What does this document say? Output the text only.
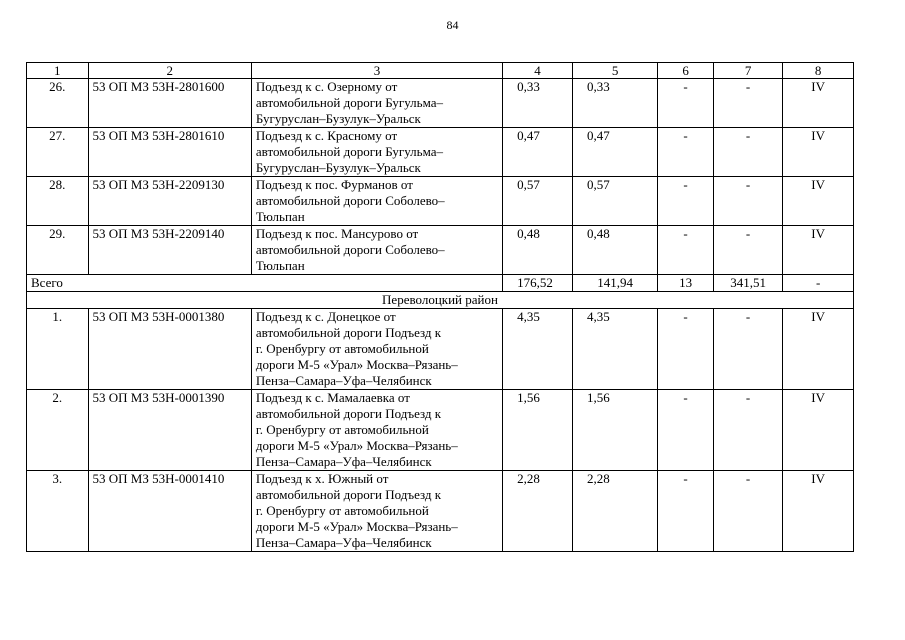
84
1	2	3	4	5	6	7	8
26.	53 ОП МЗ 53Н-2801600	Подъезд к с. Озерному от
автомобильной дороги Бугульма–
Бугуруслан–Бузулук–Уральск	0,33	0,33	-	-	IV
27.	53 ОП МЗ 53Н-2801610	Подъезд к с. Красному от
автомобильной дороги Бугульма–
Бугуруслан–Бузулук–Уральск	0,47	0,47	-	-	IV
28.	53 ОП МЗ 53Н-2209130	Подъезд к пос. Фурманов от
автомобильной дороги Соболево–
Тюльпан	0,57	0,57	-	-	IV
29.	53 ОП МЗ 53Н-2209140	Подъезд к пос. Мансурово от
автомобильной дороги Соболево–
Тюльпан	0,48	0,48	-	-	IV
Всего			176,52	141,94	13	341,51	-
Переволоцкий район							
1.	53 ОП МЗ 53Н-0001380	Подъезд к с. Донецкое от
автомобильной дороги Подъезд к
г. Оренбургу от автомобильной
дороги М-5 «Урал» Москва–Рязань–
Пенза–Самара–Уфа–Челябинск	4,35	4,35	-	-	IV
2.	53 ОП МЗ 53Н-0001390	Подъезд к с. Мамалаевка от
автомобильной дороги Подъезд к
г. Оренбургу от автомобильной
дороги М-5 «Урал» Москва–Рязань–
Пенза–Самара–Уфа–Челябинск	1,56	1,56	-	-	IV
3.	53 ОП МЗ 53Н-0001410	Подъезд к х. Южный от
автомобильной дороги Подъезд к
г. Оренбургу от автомобильной
дороги М-5 «Урал» Москва–Рязань–
Пенза–Самара–Уфа–Челябинск	2,28	2,28	-	-	IV
